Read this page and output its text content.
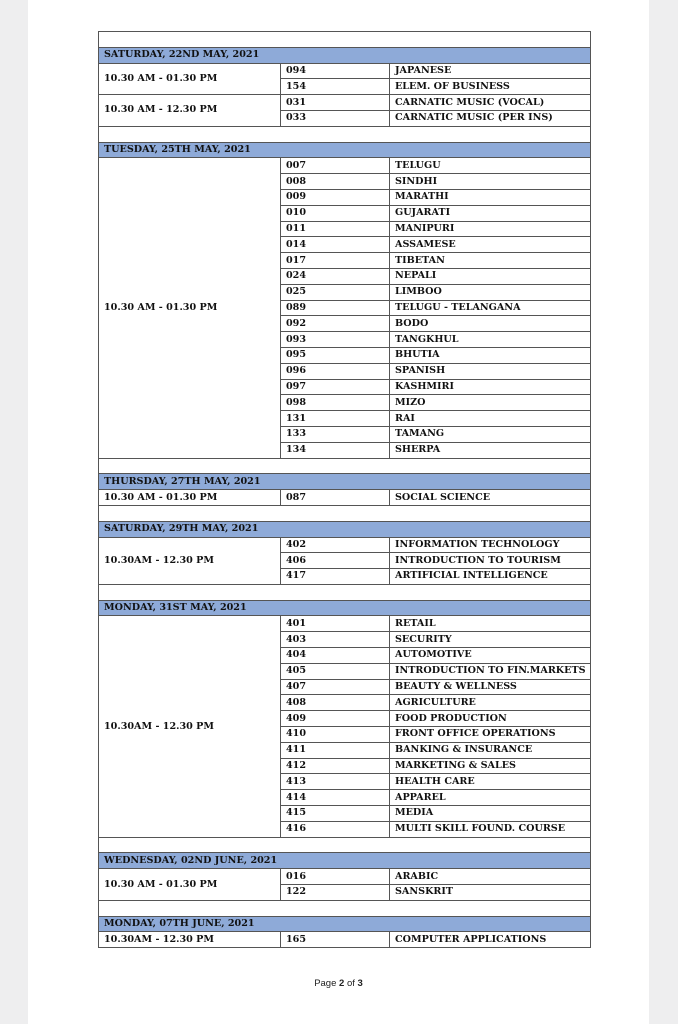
SATURDAY, 22ND MAY, 2021		
10.30 AM - 01.30 PM	094	JAPANESE
	154	ELEM. OF BUSINESS
10.30 AM - 12.30 PM	031	CARNATIC MUSIC (VOCAL)
	033	CARNATIC MUSIC (PER INS)

TUESDAY, 25TH MAY, 2021		
10.30 AM - 01.30 PM	007	TELUGU
	008	SINDHI
	009	MARATHI
	010	GUJARATI
	011	MANIPURI
	014	ASSAMESE
	017	TIBETAN
	024	NEPALI
	025	LIMBOO
	089	TELUGU - TELANGANA
	092	BODO
	093	TANGKHUL
	095	BHUTIA
	096	SPANISH
	097	KASHMIRI
	098	MIZO
	131	RAI
	133	TAMANG
	134	SHERPA

THURSDAY, 27TH MAY, 2021		
10.30 AM - 01.30 PM	087	SOCIAL SCIENCE

SATURDAY, 29TH MAY, 2021		
10.30AM - 12.30 PM	402	INFORMATION TECHNOLOGY
	406	INTRODUCTION TO TOURISM
	417	ARTIFICIAL INTELLIGENCE

MONDAY, 31ST MAY, 2021		
10.30AM - 12.30 PM	401	RETAIL
	403	SECURITY
	404	AUTOMOTIVE
	405	INTRODUCTION TO FIN.MARKETS
	407	BEAUTY & WELLNESS
	408	AGRICULTURE
	409	FOOD PRODUCTION
	410	FRONT OFFICE OPERATIONS
	411	BANKING & INSURANCE
	412	MARKETING & SALES
	413	HEALTH CARE
	414	APPAREL
	415	MEDIA
	416	MULTI SKILL FOUND. COURSE

WEDNESDAY, 02ND JUNE, 2021		
10.30 AM - 01.30 PM	016	ARABIC
	122	SANSKRIT

MONDAY, 07TH JUNE, 2021		
10.30AM - 12.30 PM	165	COMPUTER APPLICATIONS
Page 2 of 3
